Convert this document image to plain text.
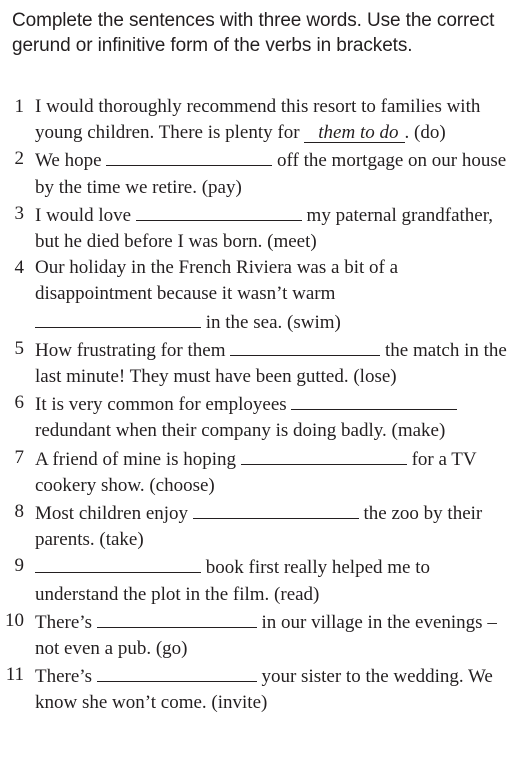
Complete the sentences with three words. Use the correct gerund or infinitive form of the verbs in brackets.
1 I would thoroughly recommend this resort to families with young children. There is plenty for them to do . (do)
2 We hope	off the mortgage on our house by the time we retire. (pay)
3 I would love	my paternal grandfather, but he died before I was born. (meet)
4 Our holiday in the French Riviera was a bit of a disappointment because it wasn’t warm
in the sea. (swim)
5 How frustrating for them	the match in the last minute! They must have been gutted. (lose)
6 It is very common for employees  redundant when their company is doing badly. (make)
7 A friend of mine is hoping	for a TV cookery show. (choose)
8 Most children enjoy	the zoo by their parents. (take)
9	book first really helped me to understand the plot in the film. (read)
10 There’s	in our village in the evenings – not even a pub. (go)
11 There’s	your sister to the wedding. We know she won’t come. (invite)
